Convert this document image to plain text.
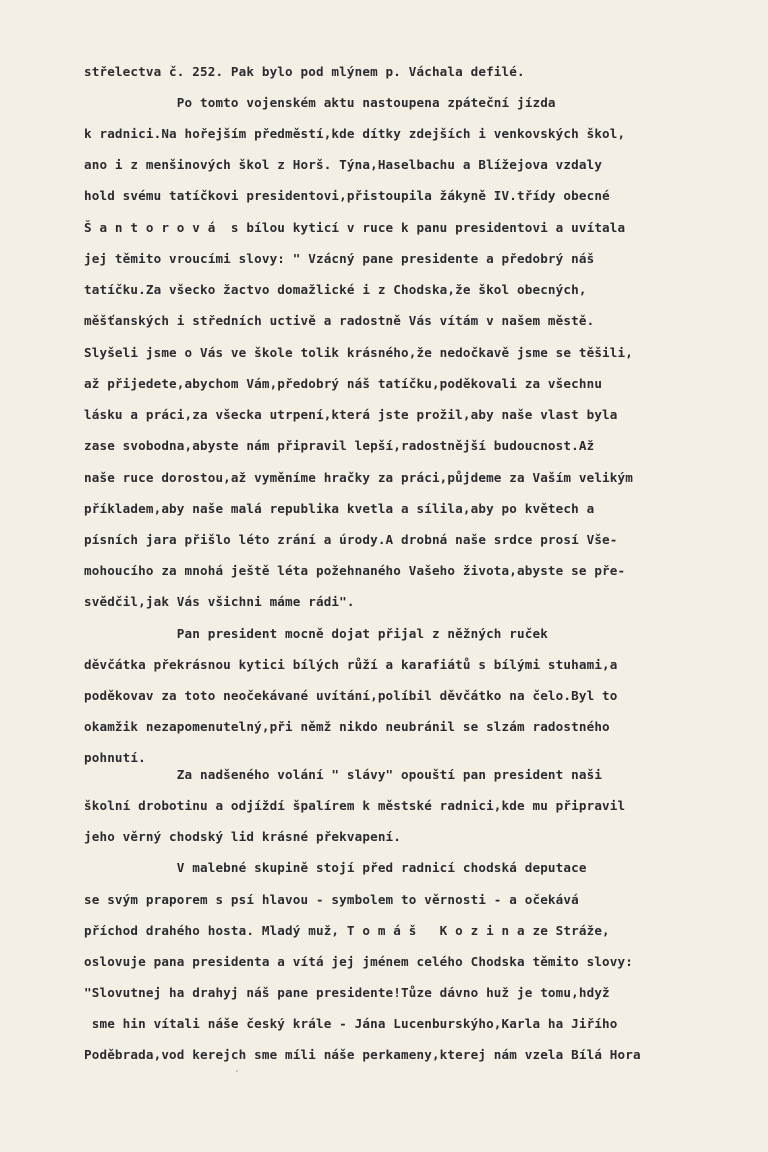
střelectva č. 252. Pak bylo pod mlýnem p. Váchala defilé.
Po tomto vojenském aktu nastoupena zpáteční jízda
k radnici.Na hořejším předměstí,kde dítky zdejších i venkovských škol,
ano i z menšinových škol z Horš. Týna,Haselbachu a Blížejova vzdaly
hold svému tatíčkovi presidentovi,přistoupila žákyně IV.třídy obecné
Š a n t o r o v á  s bílou kyticí v ruce k panu presidentovi a uvítala
jej těmito vroucími slovy: " Vzácný pane presidente a předobrý náš
tatíčku.Za všecko žactvo domažlické i z Chodska,že škol obecných,
měšťanských i středních uctivě a radostně Vás vítám v našem městě.
Slyšeli jsme o Vás ve škole tolik krásného,že nedočkavě jsme se těšili,
až přijedete,abychom Vám,předobrý náš tatíčku,poděkovali za všechnu
lásku a práci,za všecka utrpení,která jste prožil,aby naše vlast byla
zase svobodna,abyste nám připravil lepší,radostnější budoucnost.Až
naše ruce dorostou,až vyměníme hračky za práci,půjdeme za Vaším velikým
příkladem,aby naše malá republika kvetla a sílila,aby po květech a
písních jara přišlo léto zrání a úrody.A drobná naše srdce prosí Vše-
mohoucího za mnohá ještě léta požehnaného Vašeho života,abyste se pře-
svědčil,jak Vás všichni máme rádi".
Pan president mocně dojat přijal z něžných ruček
děvčátka překrásnou kytici bílých růží a karafiátů s bílými stuhami,a
poděkovav za toto neočekávané uvítání,políbil děvčátko na čelo.Byl to
okamžik nezapomenutelný,při němž nikdo neubránil se slzám radostného
pohnutí.
Za nadšeného volání " slávy" opouští pan president naši
školní drobotinu a odjíždí špalírem k městské radnici,kde mu připravil
jeho věrný chodský lid krásné překvapení.
V malebné skupině stojí před radnicí chodská deputace
se svým praporem s psí hlavou - symbolem to věrnosti - a očekává
příchod drahého hosta. Mladý muž, T o m á š   K o z i n a ze Stráže,
oslovuje pana presidenta a vítá jej jménem celého Chodska těmito slovy:
"Slovutnej ha drahyj náš pane presidente!Tůze dávno huž je tomu,hdyž
sme hin vítali náše český krále - Jána Lucenburskýho,Karla ha Jiřího
Poděbrada,vod kerejch sme míli náše perkameny,kterej nám vzela Bílá Hora
